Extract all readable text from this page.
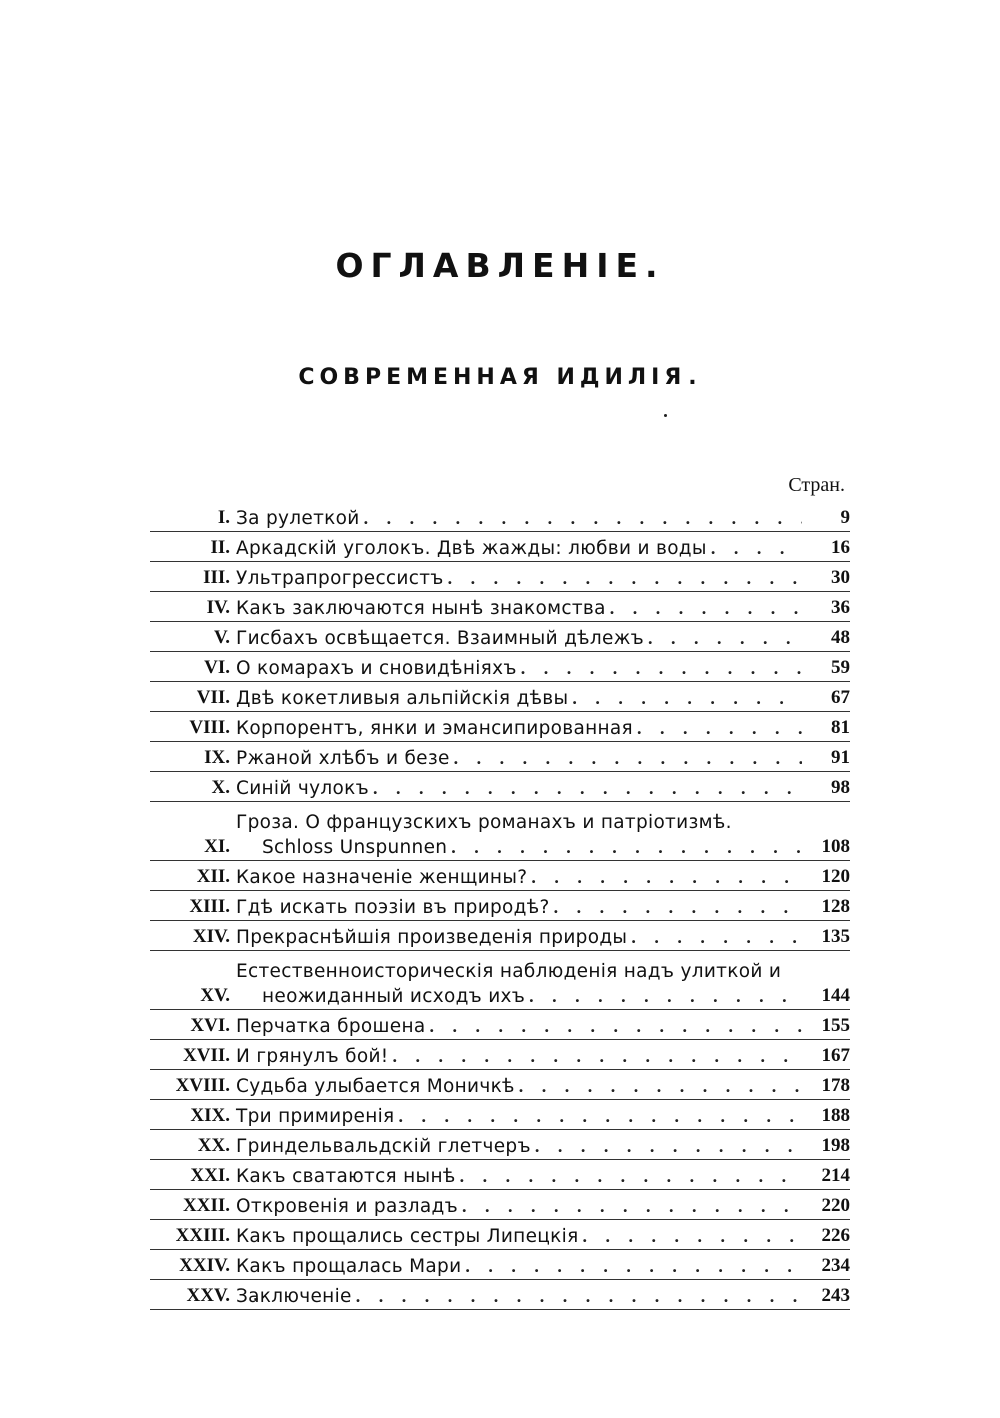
ОГЛАВЛЕНІЕ.
СОВРЕМЕННАЯ ИДИЛІЯ.
Стран.
I. За рулеткой . . .	9
II. Аркадскій уголокъ. Двѣ жажды: любви и воды . . .	16
III. Ультрапрогрессистъ . . .	30
IV. Какъ заключаются нынѣ знакомства . . .	36
V. Гисбахъ освѣщается. Взаимный дѣлежъ . . .	48
VI. О комарахъ и сновидѣніяхъ . . .	59
VII. Двѣ кокетливыя альпійскія дѣвы . . .	67
VIII. Корпорентъ, янки и эманcипированная . . .	81
IX. Ржаной хлѣбъ и безе . . .	91
X. Синій чулокъ . . .	98
XI.
Гроза. О французскихъ романахъ и патріотизмѣ.
Schloss Unspunnen . . .	108
XII. Какое назначеніе женщины? . . .	120
XIII. Гдѣ искать поэзіи въ природѣ? . . .	128
XIV. Прекраснѣйшія произведенія природы . . .	135
XV.
Естественноисторическія наблюденія надъ улиткой и
неожиданный исходъ ихъ . . .	144
XVI. Перчатка брошена . . .	155
XVII. И грянулъ бой! . . .	167
XVIII. Судьба улыбается Моничкѣ . . .	178
XIX. Три примиренія . . .	188
XX. Гриндельвальдскій глетчеръ . . .	198
XXI. Какъ сватаются нынѣ . . .	214
XXII. Откровенія и разладъ . . .	220
XXIII. Какъ прощались сестры Липецкія . . .	226
XXIV. Какъ прощалась Мари . . .	234
XXV. Заключеніе . . .	243
